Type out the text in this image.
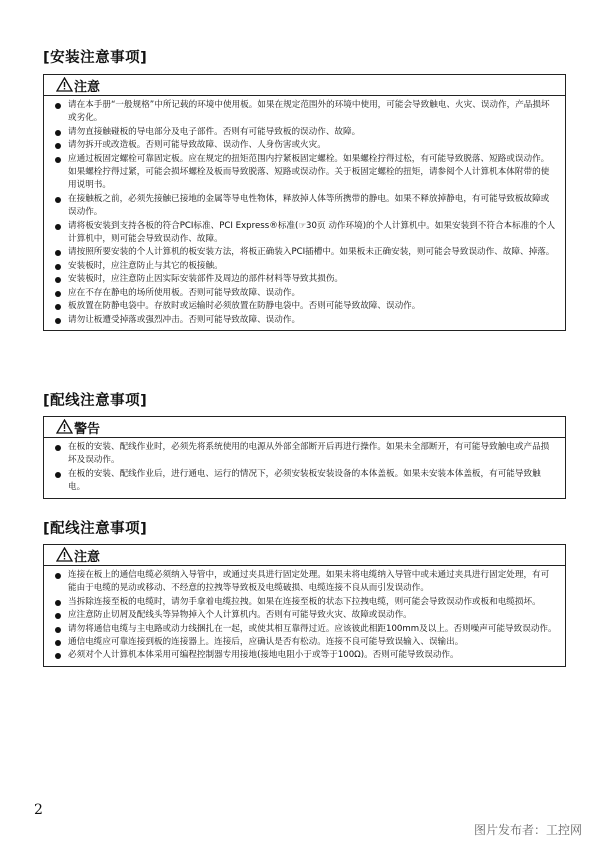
[安装注意事项]
注意

请在本手册“一般规格”中所记载的环境中使用板。如果在规定范围外的环境中使用，可能会导致触电、火灾、误动作，产品损坏或劣化。

请勿直接触碰板的导电部分及电子部件。否则有可能导致板的误动作、故障。

请勿拆开或改造板。否则可能导致故障、误动作、人身伤害或火灾。

应通过板固定螺栓可靠固定板。应在规定的扭矩范围内拧紧板固定螺栓。如果螺栓拧得过松，有可能导致脱落、短路或误动作。如果螺栓拧得过紧，可能会损坏螺栓及板而导致脱落、短路或误动作。关于板固定螺栓的扭矩，请参阅个人计算机本体附带的使用说明书。

在接触板之前，必须先接触已接地的金属等导电性物体，释放掉人体等所携带的静电。如果不释放掉静电，有可能导致板故障或误动作。

请将板安装到支持各板的符合PCI标准、PCI Express®标准(☞30页 动作环境)的个人计算机中。如果安装到不符合本标准的个人计算机中，则可能会导致误动作、故障。

请按照所要安装的个人计算机的板安装方法，将板正确装入PCI插槽中。如果板未正确安装，则可能会导致误动作、故障、掉落。

安装板时，应注意防止与其它的板接触。

安装板时，应注意防止因实际安装部件及周边的部件材料等导致其损伤。

应在不存在静电的场所使用板。否则可能导致故障、误动作。

板放置在防静电袋中。存放时或运输时必须放置在防静电袋中。否则可能导致故障、误动作。

请勿让板遭受掉落或强烈冲击。否则可能导致故障、误动作。

[配线注意事项]
警告

在板的安装、配线作业时，必须先将系统使用的电源从外部全部断开后再进行操作。如果未全部断开，有可能导致触电或产品损坏及误动作。

在板的安装、配线作业后，进行通电、运行的情况下，必须安装板安装设备的本体盖板。如果未安装本体盖板，有可能导致触电。

[配线注意事项]
注意

连接在板上的通信电缆必须纳入导管中，或通过夹具进行固定处理。如果未将电缆纳入导管中或未通过夹具进行固定处理，有可能由于电缆的晃动或移动、不经意的拉拽等导致板及电缆破损、电缆连接不良从而引发误动作。

当拆除连接至板的电缆时，请勿手拿着电缆拉拽。如果在连接至板的状态下拉拽电缆，则可能会导致误动作或板和电缆损坏。

应注意防止切屑及配线头等异物掉入个人计算机内。否则有可能导致火灾、故障或误动作。

请勿将通信电缆与主电路或动力线捆扎在一起，或使其相互靠得过近。应该彼此相距100mm及以上。否则噪声可能导致误动作。

通信电缆应可靠连接到板的连接器上。连接后，应确认是否有松动。连接不良可能导致误输入、误输出。

必须对个人计算机本体采用可编程控制器专用接地(接地电阻小于或等于100Ω)。否则可能导致误动作。

2
图片发布者：工控网
